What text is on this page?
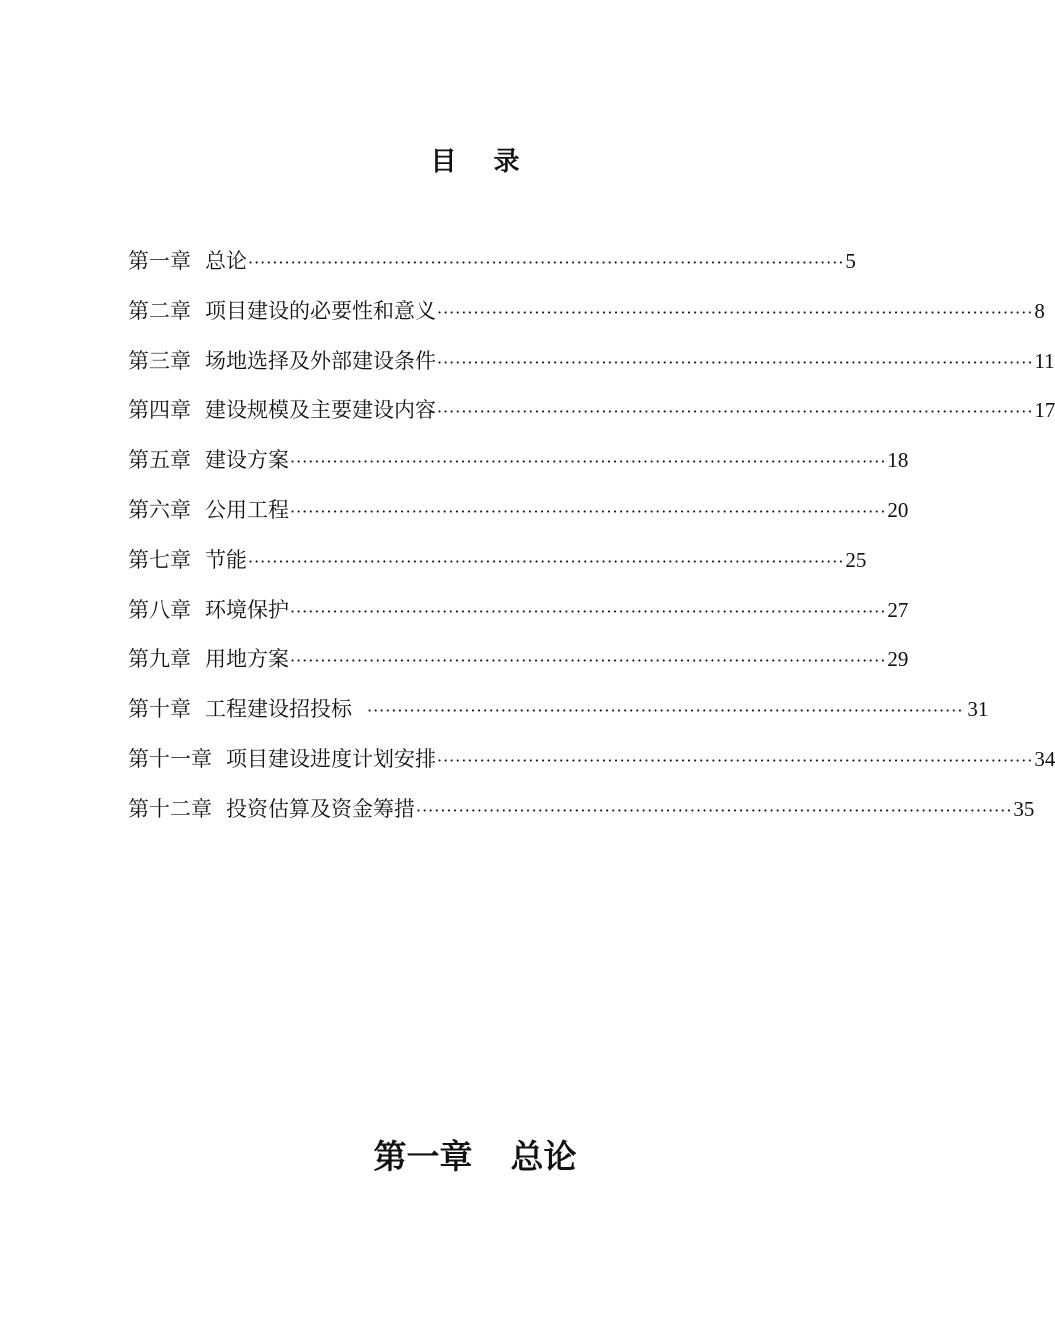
目 录
第一章 总论 ·································································································· 5
第二章 项目建设的必要性和意义 ·································································································· 8
第三章 场地选择及外部建设条件 ·································································································· 11
第四章 建设规模及主要建设内容 ·································································································· 17
第五章 建设方案 ·································································································· 18
第六章 公用工程 ·································································································· 20
第七章 节能 ·································································································· 25
第八章 环境保护 ·································································································· 27
第九章 用地方案 ·································································································· 29
第十章 工程建设招投标 ·································································································· 31
第十一章 项目建设进度计划安排 ·································································································· 34
第十二章 投资估算及资金筹措 ·································································································· 35
第一章 总论
